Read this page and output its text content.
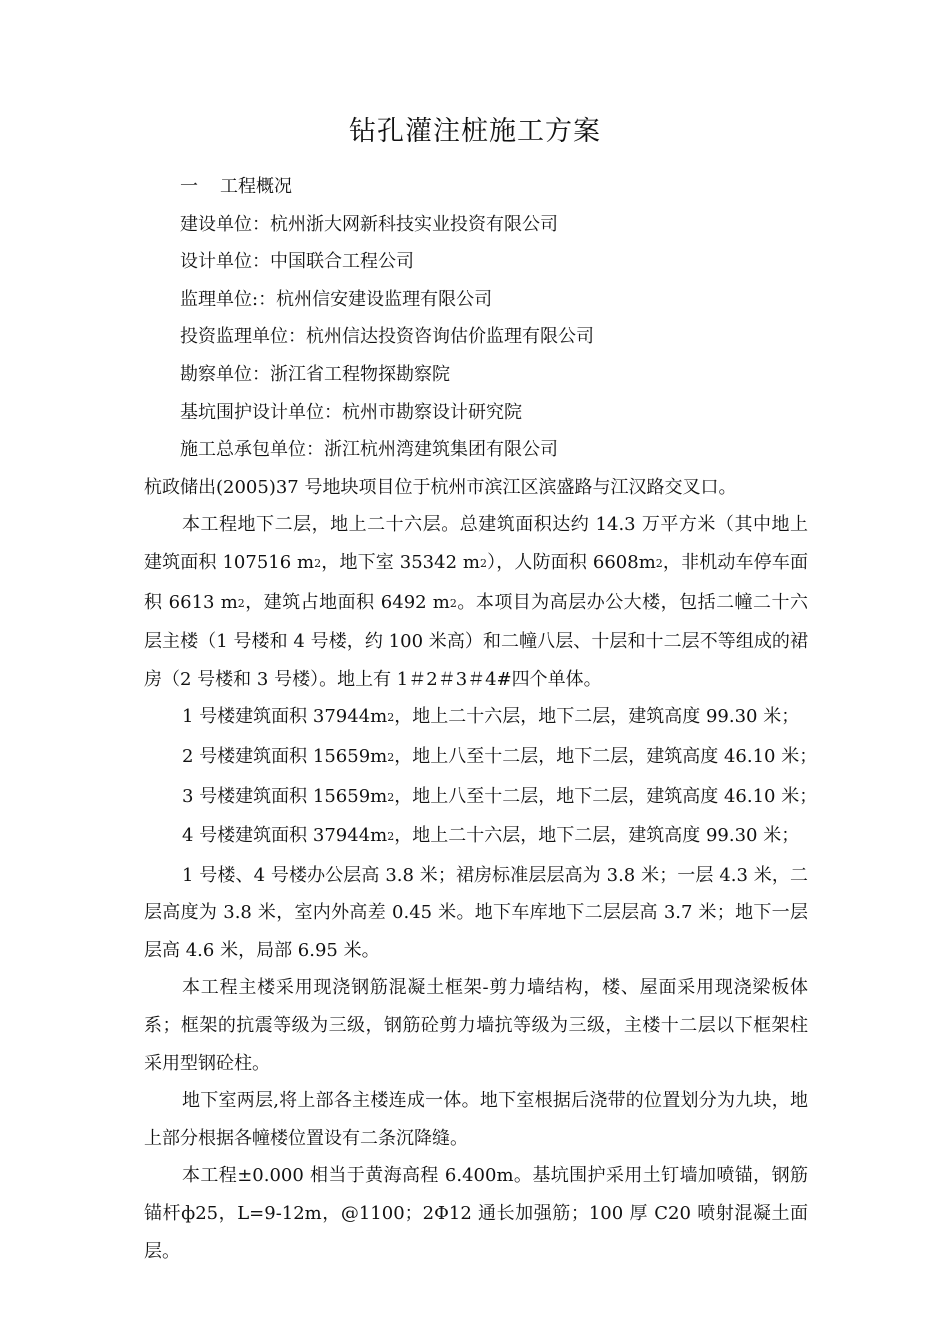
钻孔灌注桩施工方案

一 工程概况

建设单位：杭州浙大网新科技实业投资有限公司

设计单位：中国联合工程公司

监理单位:：杭州信安建设监理有限公司

投资监理单位：杭州信达投资咨询估价监理有限公司

勘察单位：浙江省工程物探勘察院

基坑围护设计单位：杭州市勘察设计研究院

施工总承包单位：浙江杭州湾建筑集团有限公司

杭政储出(2005)37 号地块项目位于杭州市滨江区滨盛路与江汉路交叉口。

本工程地下二层，地上二十六层。总建筑面积达约 14.3 万平方米（其中地上建筑面积 107516 $m^2$，地下室 35342 $m^2$），人防面积 $6608m^2$，非机动车停车面积 6613 $m^2$，建筑占地面积 6492 $m^2$。本项目为高层办公大楼，包括二幢二十六层主楼（1 号楼和 4 号楼，约 100 米高）和二幢八层、十层和十二层不等组成的裙房（2 号楼和 3 号楼）。地上有 1＃2＃3＃4#四个单体。

1 号楼建筑面积 $37944m^2$，地上二十六层，地下二层，建筑高度 99.30 米；

2 号楼建筑面积 $15659m^2$，地上八至十二层，地下二层，建筑高度 46.10 米；

3 号楼建筑面积 $15659m^2$，地上八至十二层，地下二层，建筑高度 46.10 米；

4 号楼建筑面积 $37944m^2$，地上二十六层，地下二层，建筑高度 99.30 米；

1 号楼、4 号楼办公层高 3.8 米；裙房标准层层高为 3.8 米；一层 4.3 米，二层高度为 3.8 米，室内外高差 0.45 米。地下车库地下二层层高 3.7 米；地下一层层高 4.6 米，局部 6.95 米。

本工程主楼采用现浇钢筋混凝土框架-剪力墙结构，楼、屋面采用现浇梁板体系；框架的抗震等级为三级，钢筋砼剪力墙抗等级为三级，主楼十二层以下框架柱采用型钢砼柱。

地下室两层,将上部各主楼连成一体。地下室根据后浇带的位置划分为九块，地上部分根据各幢楼位置设有二条沉降缝。

本工程±0.000 相当于黄海高程 6.400m。基坑围护采用土钉墙加喷锚，钢筋锚杆ф25，L=9-12m，@1100；2Φ12 通长加强筋；100 厚 C20 喷射混凝土面层。
